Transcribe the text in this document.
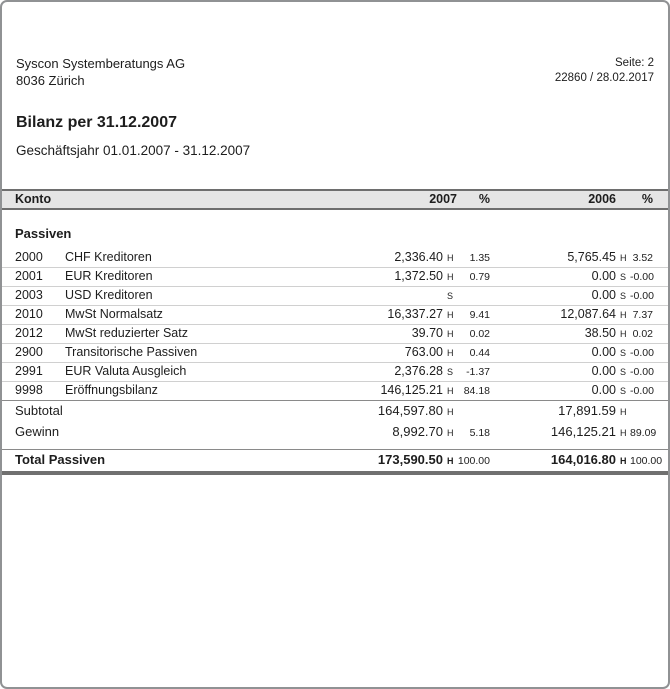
Syscon Systemberatungs AG
8036 Zürich
Seite: 2
22860 / 28.02.2017
Bilanz per 31.12.2007
Geschäftsjahr 01.01.2007 - 31.12.2007
Konto	2007	%	2006	%
Passiven
2000	CHF Kreditoren	2,336.40 H	1.35	5,765.45 H 3.52
2001	EUR Kreditoren	1,372.50 H	0.79	0.00 S -0.00
2003	USD Kreditoren	S	0.00 S -0.00
2010	MwSt Normalsatz	16,337.27 H	9.41	12,087.64 H 7.37
2012	MwSt reduzierter Satz	39.70 H	0.02	38.50 H 0.02
2900	Transitorische Passiven	763.00 H	0.44	0.00 S -0.00
2991	EUR Valuta Ausgleich	2,376.28 S	-1.37	0.00 S -0.00
9998	Eröffnungsbilanz	146,125.21 H 84.18	0.00 S -0.00
Subtotal	164,597.80 H	17,891.59 H
Gewinn	8,992.70 H	5.18	146,125.21 H 89.09
Total Passiven	173,590.50 H 100.00	164,016.80 H 100.00
